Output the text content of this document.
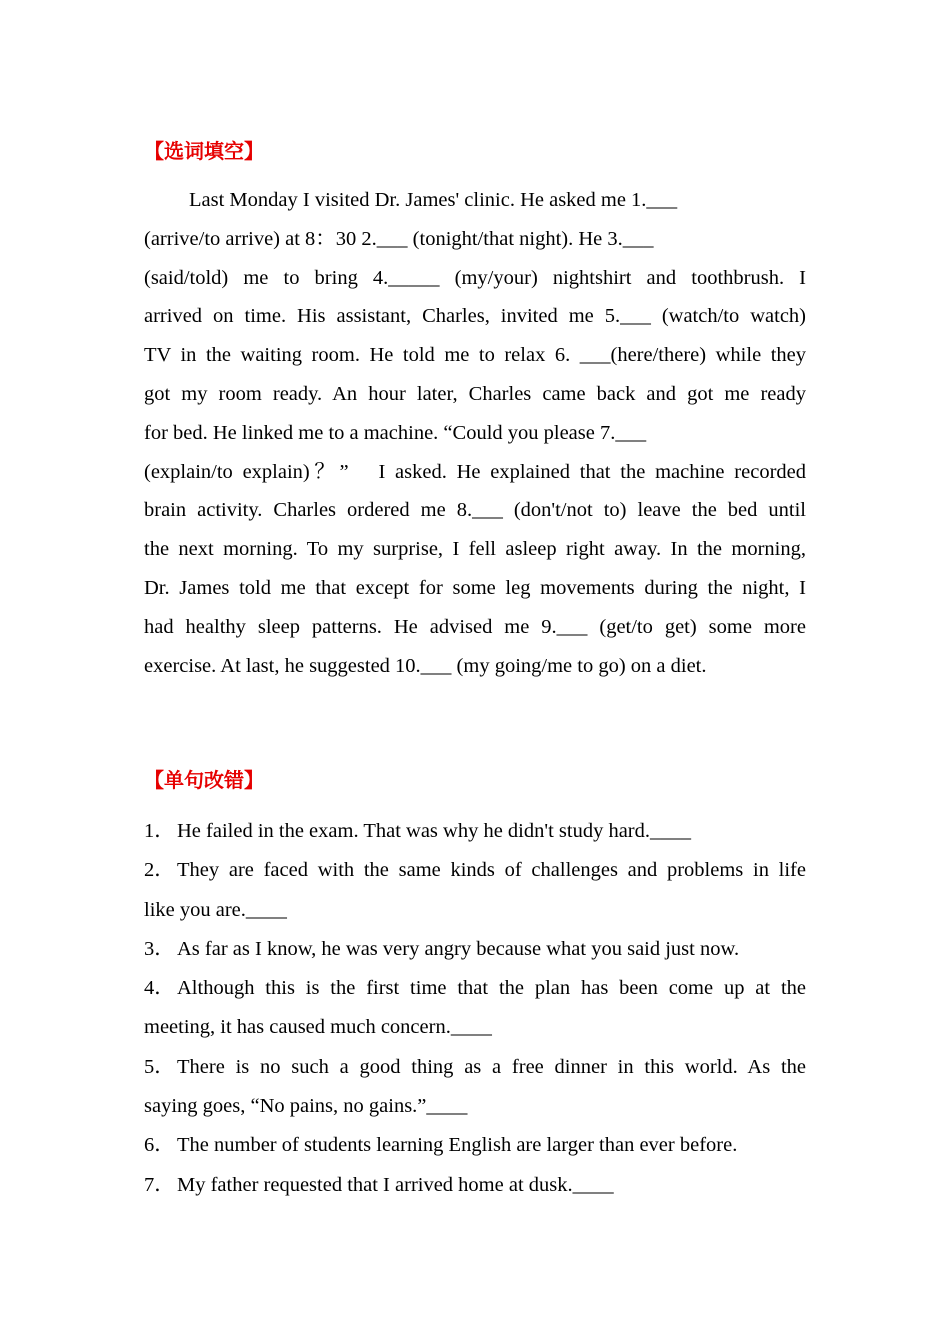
【选词填空】
Last Monday I visited Dr. James' clinic. He asked me 1.___
(arrive/to arrive) at 8：30 2.___ (tonight/that night). He 3.___
(said/told) me to bring 4._____ (my/your) nightshirt and toothbrush. I
arrived on time. His assistant, Charles, invited me 5.___ (watch/to watch)
TV in the waiting room. He told me to relax 6. ___(here/there) while they
got my room ready. An hour later, Charles came back and got me ready
for bed. He linked me to a machine. “Could you please 7.___
(explain/to explain)？”　I asked. He explained that the machine recorded
brain activity. Charles ordered me 8.___ (don't/not to) leave the bed until
the next morning. To my surprise, I fell asleep right away. In the morning,
Dr. James told me that except for some leg movements during the night, I
had healthy sleep patterns. He advised me 9.___ (get/to get) some more
exercise. At last, he suggested 10.___ (my going/me to go) on a diet.
【单句改错】
1． He failed in the exam. That was why he didn't study hard.____
2． They are faced with the same kinds of challenges and problems in life
like you are.____
3． As far as I know, he was very angry because what you said just now.
4． Although this is the first time that the plan has been come up at the
meeting, it has caused much concern.____
5． There is no such a good thing as a free dinner in this world. As the
saying goes, “No pains, no gains.”____
6． The number of students learning English are larger than ever before.
7． My father requested that I arrived home at dusk.____
